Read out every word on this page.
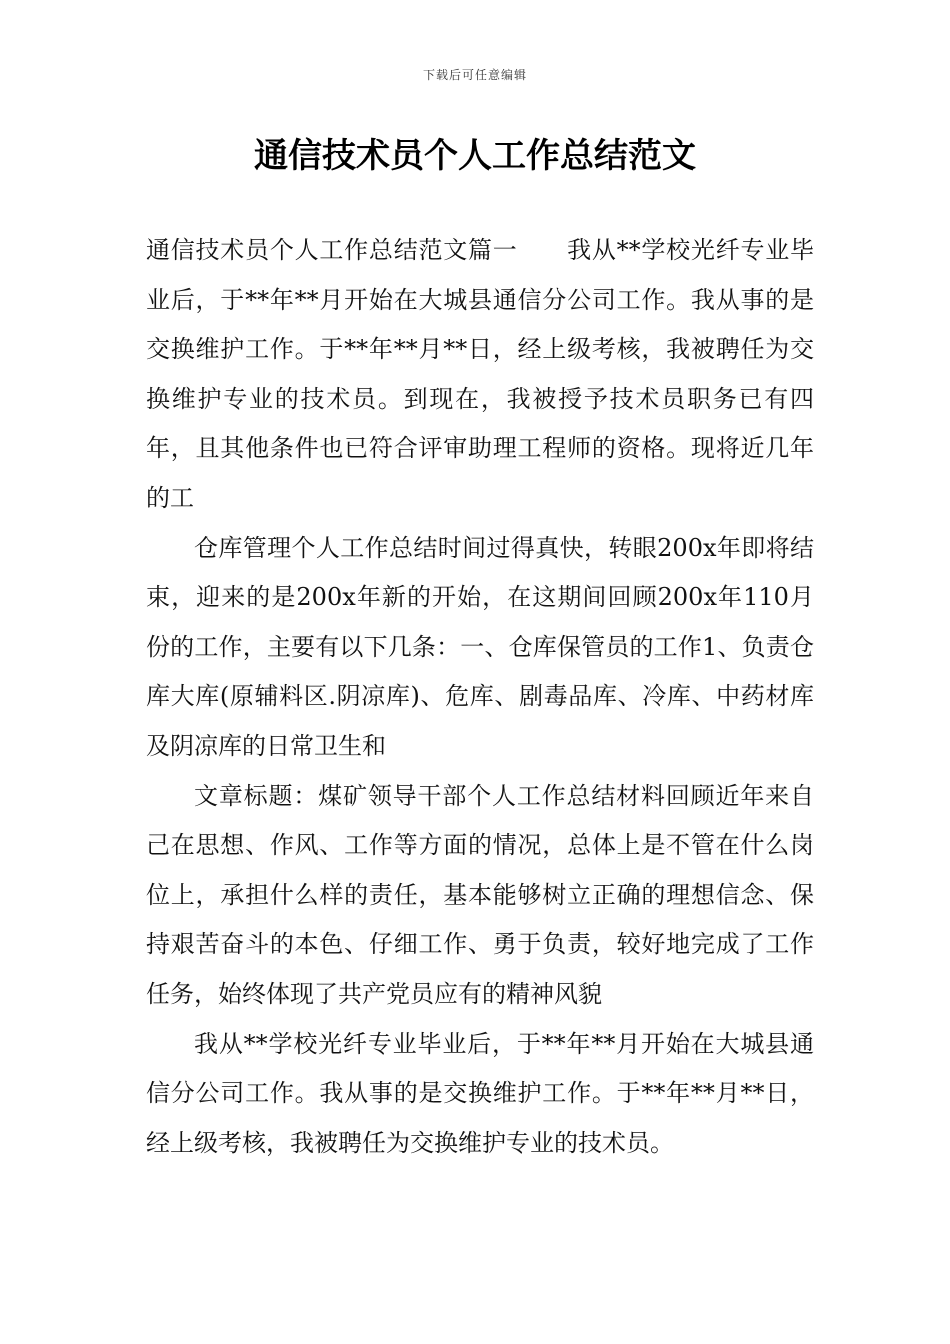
下载后可任意编辑
通信技术员个人工作总结范文

通信技术员个人工作总结范文篇一　　我从**学校光纤专业毕业后，于**年**月开始在大城县通信分公司工作。我从事的是交换维护工作。于**年**月**日，经上级考核，我被聘任为交换维护专业的技术员。到现在，我被授予技术员职务已有四年，且其他条件也已符合评审助理工程师的资格。现将近几年的工

仓库管理个人工作总结时间过得真快，转眼200x年即将结束，迎来的是200x年新的开始，在这期间回顾200x年110月份的工作，主要有以下几条：一、仓库保管员的工作1、负责仓库大库(原辅料区.阴凉库)、危库、剧毒品库、冷库、中药材库及阴凉库的日常卫生和

文章标题：煤矿领导干部个人工作总结材料回顾近年来自己在思想、作风、工作等方面的情况，总体上是不管在什么岗位上，承担什么样的责任，基本能够树立正确的理想信念、保持艰苦奋斗的本色、仔细工作、勇于负责，较好地完成了工作任务，始终体现了共产党员应有的精神风貌

我从**学校光纤专业毕业后，于**年**月开始在大城县通信分公司工作。我从事的是交换维护工作。于**年**月**日，经上级考核，我被聘任为交换维护专业的技术员。
